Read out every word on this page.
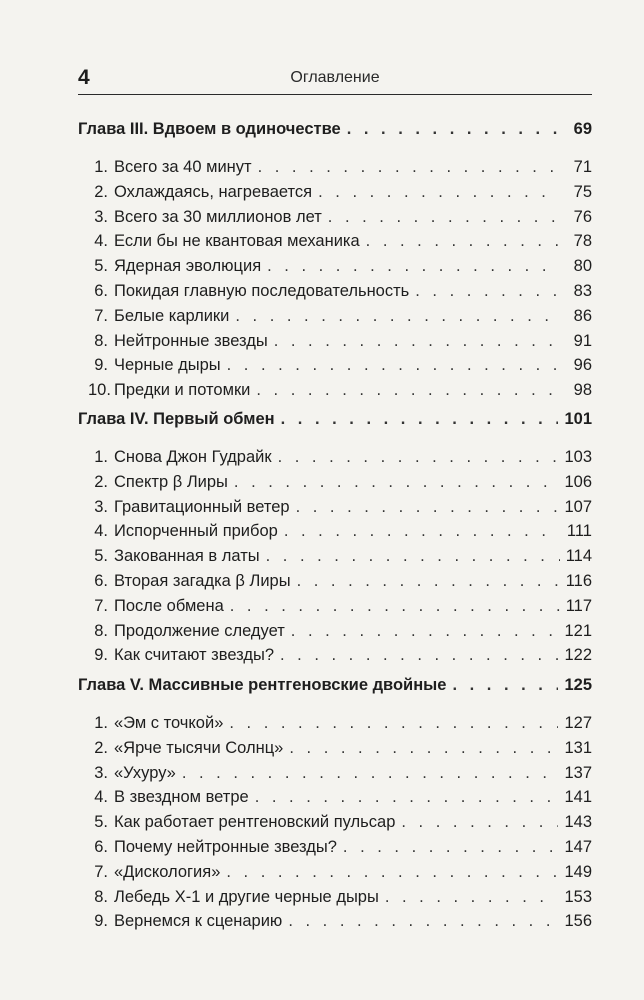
4	Оглавление
Глава III. Вдвоем в одиночестве . . .	69
1. Всего за 40 минут . . .	71
2. Охлаждаясь, нагревается . . .	75
3. Всего за 30 миллионов лет . . .	76
4. Если бы не квантовая механика . . .	78
5. Ядерная эволюция . . .	80
6. Покидая главную последовательность . . .	83
7. Белые карлики . . .	86
8. Нейтронные звезды . . .	91
9. Черные дыры . . .	96
10. Предки и потомки . . .	98
Глава IV. Первый обмен . . .	101
1. Снова Джон Гудрайк . . .	103
2. Спектр β Лиры . . .	106
3. Гравитационный ветер . . .	107
4. Испорченный прибор . . .	111
5. Закованная в латы . . .	114
6. Вторая загадка β Лиры . . .	116
7. После обмена . . .	117
8. Продолжение следует . . .	121
9. Как считают звезды? . . .	122
Глава V. Массивные рентгеновские двойные . . .	125
1. «Эм с точкой» . . .	127
2. «Ярче тысячи Солнц» . . .	131
3. «Ухуру» . . .	137
4. В звездном ветре . . .	141
5. Как работает рентгеновский пульсар . . .	143
6. Почему нейтронные звезды? . . .	147
7. «Дискология» . . .	149
8. Лебедь X-1 и другие черные дыры . . .	153
9. Вернемся к сценарию . . .	156
